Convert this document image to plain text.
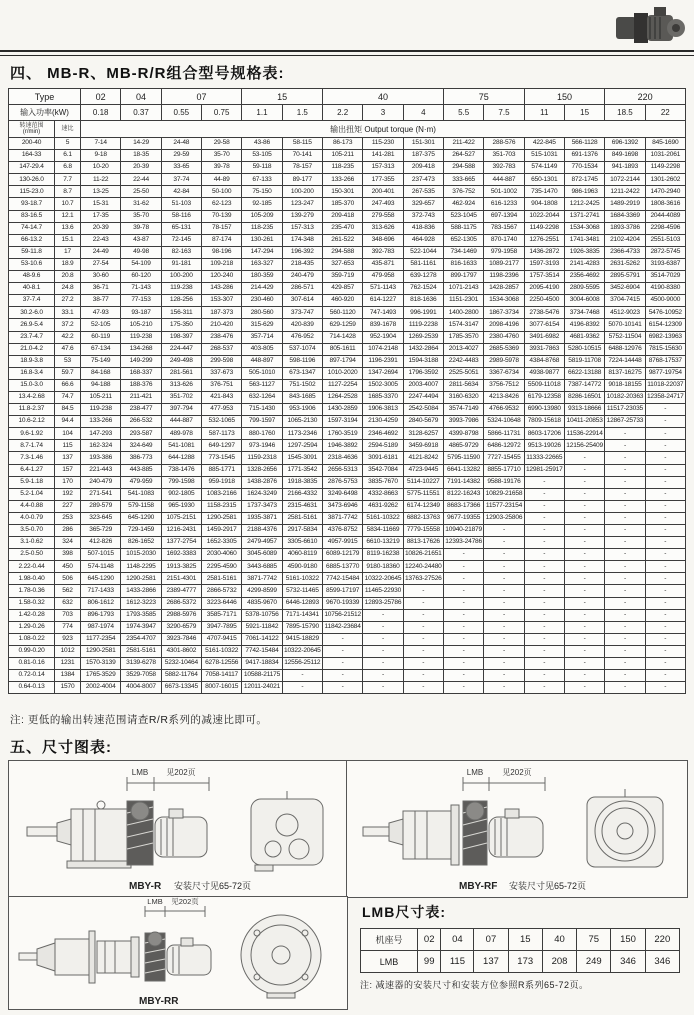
四、 MB-R、MB-R/R组合型号规格表:
Type		02	04	07		15		40			75		150		220	
输入功率(kW)		0.18	0.37	0.55	0.75	1.1	1.5	2.2	3	4	5.5	7.5	11	15	18.5	22

转速范围
(r/min)	速比	输出扭矩 Output torque (N·m)														
200-40	5	7-14	14-29	24-48	29-58	43-86	58-115	86-173	115-230	151-301	211-422	288-576	422-845	566-1128	696-1392	845-1690
164-33	6.1	9-18	18-35	29-59	35-70	53-105	70-141	105-211	141-281	187-375	264-527	351-703	515-1031	691-1376	849-1698	1031-2061
147-29.4	6.8	10-20	20-39	33-65	39-78	59-118	78-157	118-235	157-313	209-418	294-588	392-783	574-1149	770-1534	941-1893	1149-2298
130-26.0	7.7	11-22	22-44	37-74	44-89	67-133	89-177	133-266	177-355	237-473	333-665	444-887	650-1301	872-1745	1072-2144	1301-2602
115-23.0	8.7	13-25	25-50	42-84	50-100	75-150	100-200	150-301	200-401	267-535	376-752	501-1002	735-1470	986-1963	1211-2422	1470-2940
93-18.7	10.7	15-31	31-62	51-103	62-123	92-185	123-247	185-370	247-493	329-657	462-924	616-1233	904-1808	1212-2425	1489-2919	1808-3616
83-16.5	12.1	17-35	35-70	58-116	70-139	105-209	139-279	209-418	279-558	372-743	523-1045	697-1394	1022-2044	1371-2741	1684-3369	2044-4089
74-14.7	13.6	20-39	39-78	65-131	78-157	118-235	157-313	235-470	313-626	418-836	588-1175	783-1567	1149-2298	1534-3068	1893-3786	2298-4596
66-13.2	15.1	22-43	43-87	72-145	87-174	130-261	174-348	261-522	348-696	464-928	652-1305	870-1740	1276-2551	1741-3481	2102-4204	2551-5103
59-11.8	17	24-49	49-98	82-163	98-196	147-294	196-392	294-588	392-783	522-1044	734-1469	979-1958	1436-2872	1926-3835	2366-4733	2872-5745
53-10.6	18.9	27-54	54-109	91-181	109-218	163-327	218-435	327-653	435-871	581-1161	816-1633	1089-2177	1597-3193	2141-4283	2631-5262	3193-6387
48-9.6	20.8	30-60	60-120	100-200	120-240	180-359	240-479	359-719	479-958	639-1278	899-1797	1198-2396	1757-3514	2356-4692	2895-5791	3514-7029
40-8.1	24.8	36-71	71-143	119-238	143-286	214-429	286-571	429-857	571-1143	762-1524	1071-2143	1428-2857	2095-4190	2809-5595	3452-6904	4190-8380
37-7.4	27.2	38-77	77-153	128-256	153-307	230-460	307-614	460-920	614-1227	818-1636	1151-2301	1534-3068	2250-4500	3004-6008	3704-7415	4500-9000
30.2-6.0	33.1	47-93	93-187	156-311	187-373	280-560	373-747	560-1120	747-1493	996-1991	1400-2800	1867-3734	2738-5476	3734-7468	4512-9023	5476-10952
26.9-5.4	37.2	52-105	105-210	175-350	210-420	315-629	420-839	629-1259	839-1678	1119-2238	1574-3147	2098-4196	3077-6154	4196-8392	5070-10141	6154-12309
23.7-4.7	42.2	60-119	119-238	198-397	238-476	357-714	476-952	714-1428	952-1904	1269-2539	1785-3570	2380-4760	3491-6982	4681-9362	5752-11504	6982-13963
21.0-4.2	47.6	67-134	134-268	224-447	268-537	403-805	537-1074	805-1611	1074-2148	1432-2864	2013-4027	2685-5369	3931-7863	5280-10515	6488-12976	7815-15630
18.9-3.8	53	75-149	149-299	249-498	299-598	448-897	598-1196	897-1794	1196-2391	1594-3188	2242-4483	2989-5978	4384-8768	5819-11708	7224-14448	8768-17537
16.8-3.4	59.7	84-168	168-337	281-561	337-673	505-1010	673-1347	1010-2020	1347-2694	1796-3592	2525-5051	3367-6734	4938-9877	6622-13188	8137-16275	9877-19754
15.0-3.0	66.6	94-188	188-376	313-626	376-751	563-1127	751-1502	1127-2254	1502-3005	2003-4007	2811-5634	3756-7512	5509-11018	7387-14772	9018-18155	11018-22037
13.4-2.68	74.7	105-211	211-421	351-702	421-843	632-1264	843-1685	1264-2528	1685-3370	2247-4494	3160-6320	4213-8426	6179-12358	8286-16501	10182-20363	12358-24717
11.8-2.37	84.5	119-238	238-477	397-794	477-953	715-1430	953-1906	1430-2859	1906-3813	2542-5084	3574-7149	4766-9532	6990-13980	9313-18666	11517-23035	-
10.6-2.12	94.4	133-266	266-532	444-887	532-1065	799-1597	1065-2130	1597-3194	2130-4259	2840-5679	3993-7986	5324-10648	7809-15618	10411-20853	12867-25733	-
9.6-1.92	104	147-293	293-587	489-978	587-1173	880-1760	1173-2346	1760-3519	2346-4692	3128-6257	4399-8798	5866-11731	8603-17206	11536-22914	-	-
8.7-1.74	115	162-324	324-649	541-1081	649-1297	973-1946	1297-2594	1946-3892	2594-5189	3459-6918	4865-9729	6486-12972	9513-19026	12156-25409	-	-
7.3-1.46	137	193-386	386-773	644-1288	773-1545	1159-2318	1545-3091	2318-4636	3091-6181	4121-8242	5795-11590	7727-15455	11333-22665	-	-	-
6.4-1.27	157	221-443	443-885	738-1476	885-1771	1328-2656	1771-3542	2656-5313	3542-7084	4723-9445	6641-13282	8855-17710	12981-25917	-	-	-
5.9-1.18	170	240-479	479-959	799-1598	959-1918	1438-2876	1918-3835	2876-5753	3835-7670	5114-10227	7191-14382	9588-19176	-	-	-	-
5.2-1.04	192	271-541	541-1083	902-1805	1083-2166	1624-3249	2166-4332	3249-6498	4332-8663	5775-11551	8122-16243	10829-21658	-	-	-	-
4.4-0.88	227	289-579	579-1158	965-1930	1158-2315	1737-3473	2315-4631	3473-6946	4631-9262	6174-12349	8683-17366	11577-23154	-	-	-	-
4.0-0.79	253	323-645	645-1290	1075-2151	1290-2581	1935-3871	2581-5161	3871-7742	5161-10322	6882-13763	9677-19355	12903-25806	-	-	-	-
3.5-0.70	286	365-729	729-1459	1216-2431	1459-2917	2188-4376	2917-5834	4376-8752	5834-11669	7779-15558	10940-21879	-	-	-	-	-
3.1-0.62	324	412-826	826-1652	1377-2754	1652-3305	2479-4957	3305-6610	4957-9915	6610-13219	8813-17626	12393-24786	-	-	-	-	-
2.5-0.50	398	507-1015	1015-2030	1692-3383	2030-4060	3045-6089	4060-8119	6089-12179	8119-16238	10826-21651	-	-	-	-	-	-
2.22-0.44	450	574-1148	1148-2295	1913-3825	2295-4590	3443-6885	4590-9180	6885-13770	9180-18360	12240-24480	-	-	-	-	-	-
1.98-0.40	506	645-1290	1290-2581	2151-4301	2581-5161	3871-7742	5161-10322	7742-15484	10322-20645	13763-27526	-	-	-	-	-	-
1.78-0.36	562	717-1433	1433-2866	2389-4777	2866-5732	4299-8599	5732-11465	8599-17197	11465-22930	-	-	-	-	-	-	-
1.58-0.32	632	806-1612	1612-3223	2686-5372	3223-6446	4835-9670	6446-12893	9670-19339	12893-25786	-	-	-	-	-	-	-
1.42-0.28	703	896-1793	1793-3585	2988-5976	3585-7171	5378-10756	7171-14341	10756-21512	-	-	-	-	-	-	-	-
1.29-0.26	774	987-1974	1974-3947	3290-6579	3947-7895	5921-11842	7895-15790	11842-23684	-	-	-	-	-	-	-	-
1.08-0.22	923	1177-2354	2354-4707	3923-7846	4707-9415	7061-14122	9415-18829	-	-	-	-	-	-	-	-	-
0.99-0.20	1012	1290-2581	2581-5161	4301-8602	5161-10322	7742-15484	10322-20645	-	-	-	-	-	-	-	-	-
0.81-0.16	1231	1570-3139	3139-6278	5232-10464	6278-12556	9417-18834	12556-25112	-	-	-	-	-	-	-	-	-
0.72-0.14	1384	1765-3529	3529-7058	5882-11764	7058-14117	10588-21175	-	-	-	-	-	-	-	-	-	-
0.64-0.13	1570	2002-4004	4004-8007	6673-13345	8007-16015	12011-24021	-	-	-	-	-	-	-	-	-	-
注: 更低的输出转速范围请查R/R系列的减速比即可。
五、尺寸图表:
LMB 见202页
MBY-R 安装尺寸见65-72页
LMB 见202页
MBY-RF 安装尺寸见65-72页
LMB 见202页
MBY-RR
LMB尺寸表:
机座号	02	04	07	15	40	75	150	220
LMB	99	115	137	173	208	249	346	346
注: 减速器的安装尺寸和安装方位参照R系列65-72页。
